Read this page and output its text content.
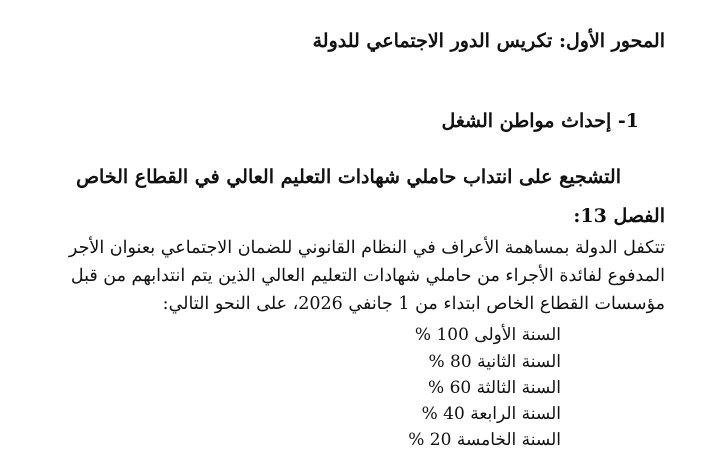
المحور الأول: تكريس الدور الاجتماعي للدولة
1- إحداث مواطن الشغل
التشجيع على انتداب حاملي شهادات التعليم العالي في القطاع الخاص
الفصل 13:
تتكفل الدولة بمساهمة الأعراف في النظام القانوني للضمان الاجتماعي بعنوان الأجر
المدفوع لفائدة الأجراء من حاملي شهادات التعليم العالي الذين يتم انتدابهم من قبل
مؤسسات القطاع الخاص ابتداء من 1 جانفي 2026، على النحو التالي:
السنة الأولى 100 %
السنة الثانية 80 %
السنة الثالثة 60 %
السنة الرابعة 40 %
السنة الخامسة 20 %
